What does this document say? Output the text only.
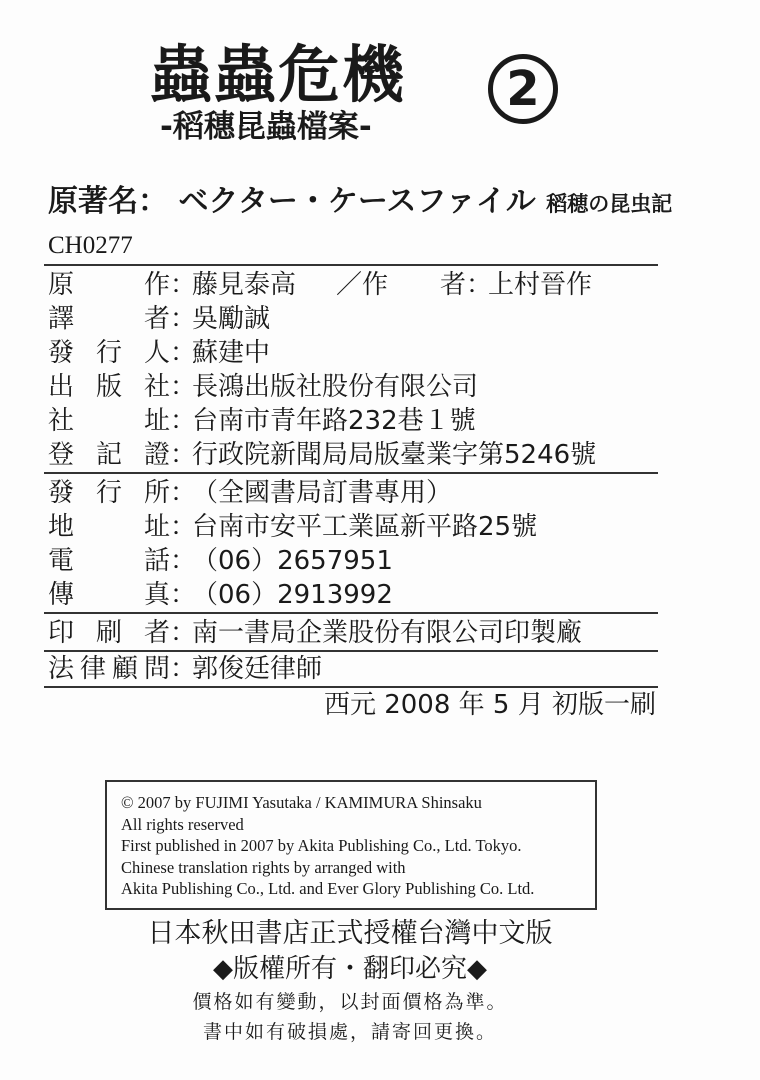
蟲蟲危機	2
-稻穗昆蟲檔案-
原著名： ベクター・ケースファイル 稻穂の昆虫記
CH0277
原作 ：
藤見泰高 ／作　　者 ：
上村晉作
譯者 ：
吳勵誠
發行人 ：
蘇建中
出版社 ：
長鴻出版社股份有限公司
社址 ：
台南市青年路232巷１號
登記證 ：
行政院新聞局局版臺業字第5246號
發行所 ：
（全國書局訂書專用）
地址 ：
台南市安平工業區新平路25號
電話 ：
（06）2657951
傳真 ：
（06）2913992
印刷者 ：
南一書局企業股份有限公司印製廠
法律顧問 ：
郭俊廷律師
西元 2008 年 5 月 初版一刷
© 2007 by FUJIMI Yasutaka / KAMIMURA Shinsaku
All rights reserved
First published in 2007 by Akita Publishing Co., Ltd. Tokyo.
Chinese translation rights by arranged with
Akita Publishing Co., Ltd. and Ever Glory Publishing Co. Ltd.
日本秋田書店正式授權台灣中文版
◆版權所有・翻印必究◆
價格如有變動，以封面價格為準。
書中如有破損處，請寄回更換。
